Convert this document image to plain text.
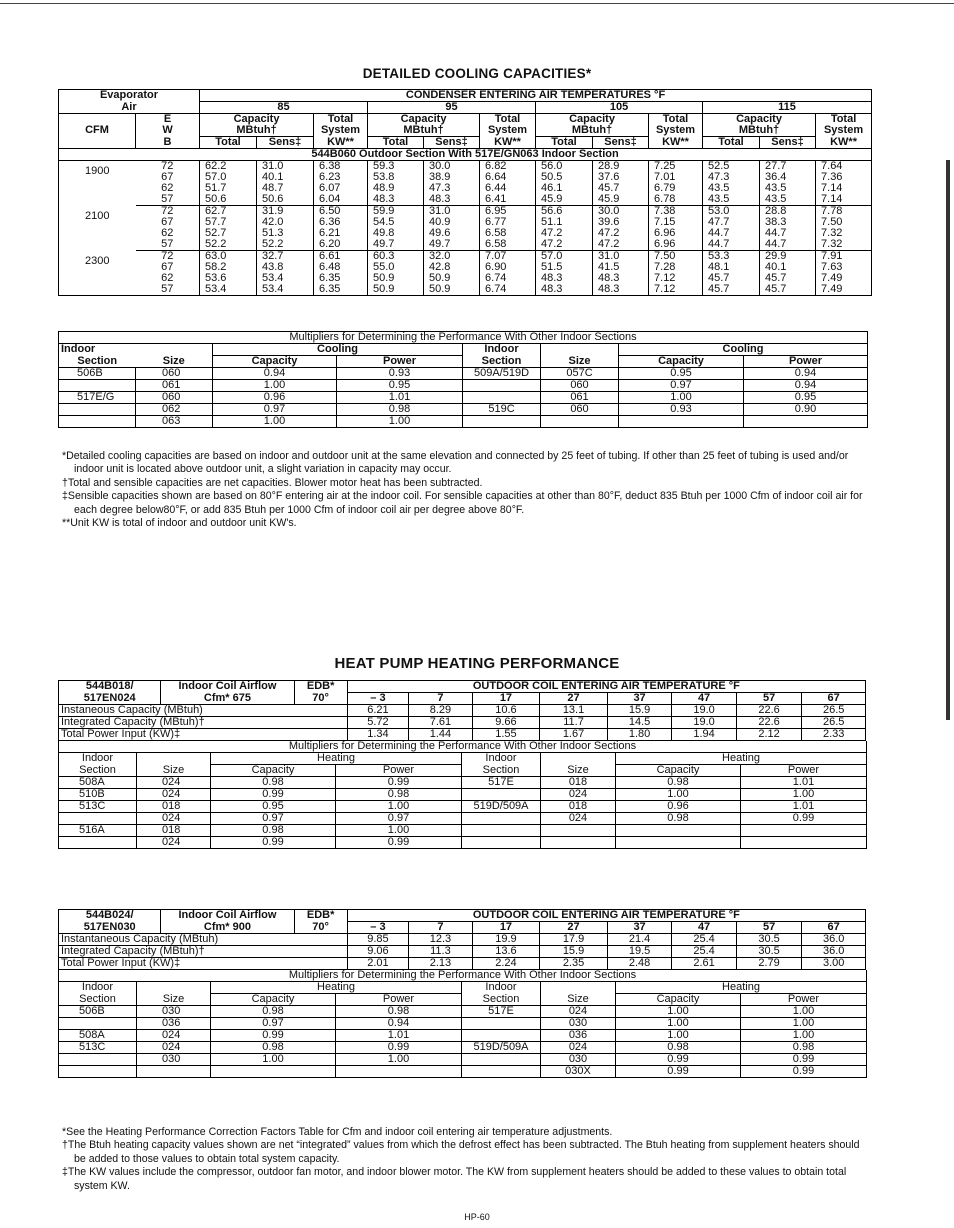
DETAILED COOLING CAPACITIES*
Evaporator		CONDENSER ENTERING AIR TEMPERATURES °F											
Air		85			95			105			115		
	E	Capacity		Total	Capacity		Total	Capacity		Total	Capacity		Total
CFM	W	MBtuh†		System	MBtuh†		System	MBtuh†		System	MBtuh†		System
	B	Total	Sens‡	KW**	Total	Sens‡	KW**	Total	Sens‡	KW**	Total	Sens‡	KW**
544B060 Outdoor Section With 517E/GN063 Indoor Section													
1900	72	62.2	31.0	6.38	59.3	30.0	6.82	56.0	28.9	7.25	52.5	27.7	7.64
	67	57.0	40.1	6.23	53.8	38.9	6.64	50.5	37.6	7.01	47.3	36.4	7.36
	62	51.7	48.7	6.07	48.9	47.3	6.44	46.1	45.7	6.79	43.5	43.5	7.14
	57	50.6	50.6	6.04	48.3	48.3	6.41	45.9	45.9	6.78	43.5	43.5	7.14
2100	72	62.7	31.9	6.50	59.9	31.0	6.95	56.6	30.0	7.38	53.0	28.8	7.78
	67	57.7	42.0	6.36	54.5	40.9	6.77	51.1	39.6	7.15	47.7	38.3	7.50
	62	52.7	51.3	6.21	49.8	49.6	6.58	47.2	47.2	6.96	44.7	44.7	7.32
	57	52.2	52.2	6.20	49.7	49.7	6.58	47.2	47.2	6.96	44.7	44.7	7.32
2300	72	63.0	32.7	6.61	60.3	32.0	7.07	57.0	31.0	7.50	53.3	29.9	7.91
	67	58.2	43.8	6.48	55.0	42.8	6.90	51.5	41.5	7.28	48.1	40.1	7.63
	62	53.6	53.4	6.35	50.9	50.9	6.74	48.3	48.3	7.12	45.7	45.7	7.49
	57	53.4	53.4	6.35	50.9	50.9	6.74	48.3	48.3	7.12	45.7	45.7	7.49
Multipliers for Determining the Performance With Other Indoor Sections							
Indoor		Cooling		Indoor		Cooling	
Section	Size	Capacity	Power	Section	Size	Capacity	Power
506B	060	0.94	0.93	509A/519D	057C	0.95	0.94
	061	1.00	0.95		060	0.97	0.94
517E/G	060	0.96	1.01		061	1.00	0.95
	062	0.97	0.98	519C	060	0.93	0.90
	063	1.00	1.00				

*Detailed cooling capacities are based on indoor and outdoor unit at the same elevation and connected by 25 feet of tubing. If other than 25 feet of tubing is used and/or indoor unit is located above outdoor unit, a slight variation in capacity may occur.

†Total and sensible capacities are net capacities. Blower motor heat has been subtracted.

‡Sensible capacities shown are based on 80°F entering air at the indoor coil. For sensible capacities at other than 80°F, deduct 835 Btuh per 1000 Cfm of indoor coil air for each degree below80°F, or add 835 Btuh per 1000 Cfm of indoor coil air per degree above 80°F.

**Unit KW is total of indoor and outdoor unit KW's.

HEAT PUMP HEATING PERFORMANCE
544B018/	Indoor Coil Airflow	EDB*	OUTDOOR COIL ENTERING AIR TEMPERATURE °F							
517EN024	Cfm* 675	70°	– 3	7	17	27	37	47	57	67
Instaneous Capacity (MBtuh)			6.21	8.29	10.6	13.1	15.9	19.0	22.6	26.5
Integrated Capacity (MBtuh)†			5.72	7.61	9.66	11.7	14.5	19.0	22.6	26.5
Total Power Input (KW)‡			1.34	1.44	1.55	1.67	1.80	1.94	2.12	2.33
Multipliers for Determining the Performance With Other Indoor Sections							
Indoor		Heating		Indoor		Heating	
Section	Size	Capacity	Power	Section	Size	Capacity	Power
508A	024	0.98	0.99	517E	018	0.98	1.01
510B	024	0.99	0.98		024	1.00	1.00
513C	018	0.95	1.00	519D/509A	018	0.96	1.01
	024	0.97	0.97		024	0.98	0.99
516A	018	0.98	1.00				
	024	0.99	0.99				
544B024/	Indoor Coil Airflow	EDB*	OUTDOOR COIL ENTERING AIR TEMPERATURE °F							
517EN030	Cfm* 900	70°	– 3	7	17	27	37	47	57	67
Instantaneous Capacity (MBtuh)			9.85	12.3	19.9	17.9	21.4	25.4	30.5	36.0
Integrated Capacity (MBtuh)†			9.06	11.3	13.6	15.9	19.5	25.4	30.5	36.0
Total Power Input (KW)‡			2.01	2.13	2.24	2.35	2.48	2.61	2.79	3.00
Multipliers for Determining the Performance With Other Indoor Sections							
Indoor		Heating		Indoor		Heating	
Section	Size	Capacity	Power	Section	Size	Capacity	Power
506B	030	0.98	0.98	517E	024	1.00	1.00
	036	0.97	0.94		030	1.00	1.00
508A	024	0.99	1.01		036	1.00	1.00
513C	024	0.98	0.99	519D/509A	024	0.98	0.98
	030	1.00	1.00		030	0.99	0.99
					030X	0.99	0.99

*See the Heating Performance Correction Factors Table for Cfm and indoor coil entering air temperature adjustments.

†The Btuh heating capacity values shown are net “integrated” values from which the defrost effect has been subtracted. The Btuh heating from supplement heaters should be added to those values to obtain total system capacity.

‡The KW values include the compressor, outdoor fan motor, and indoor blower motor. The KW from supplement heaters should be added to these values to obtain total system KW.

HP-60
